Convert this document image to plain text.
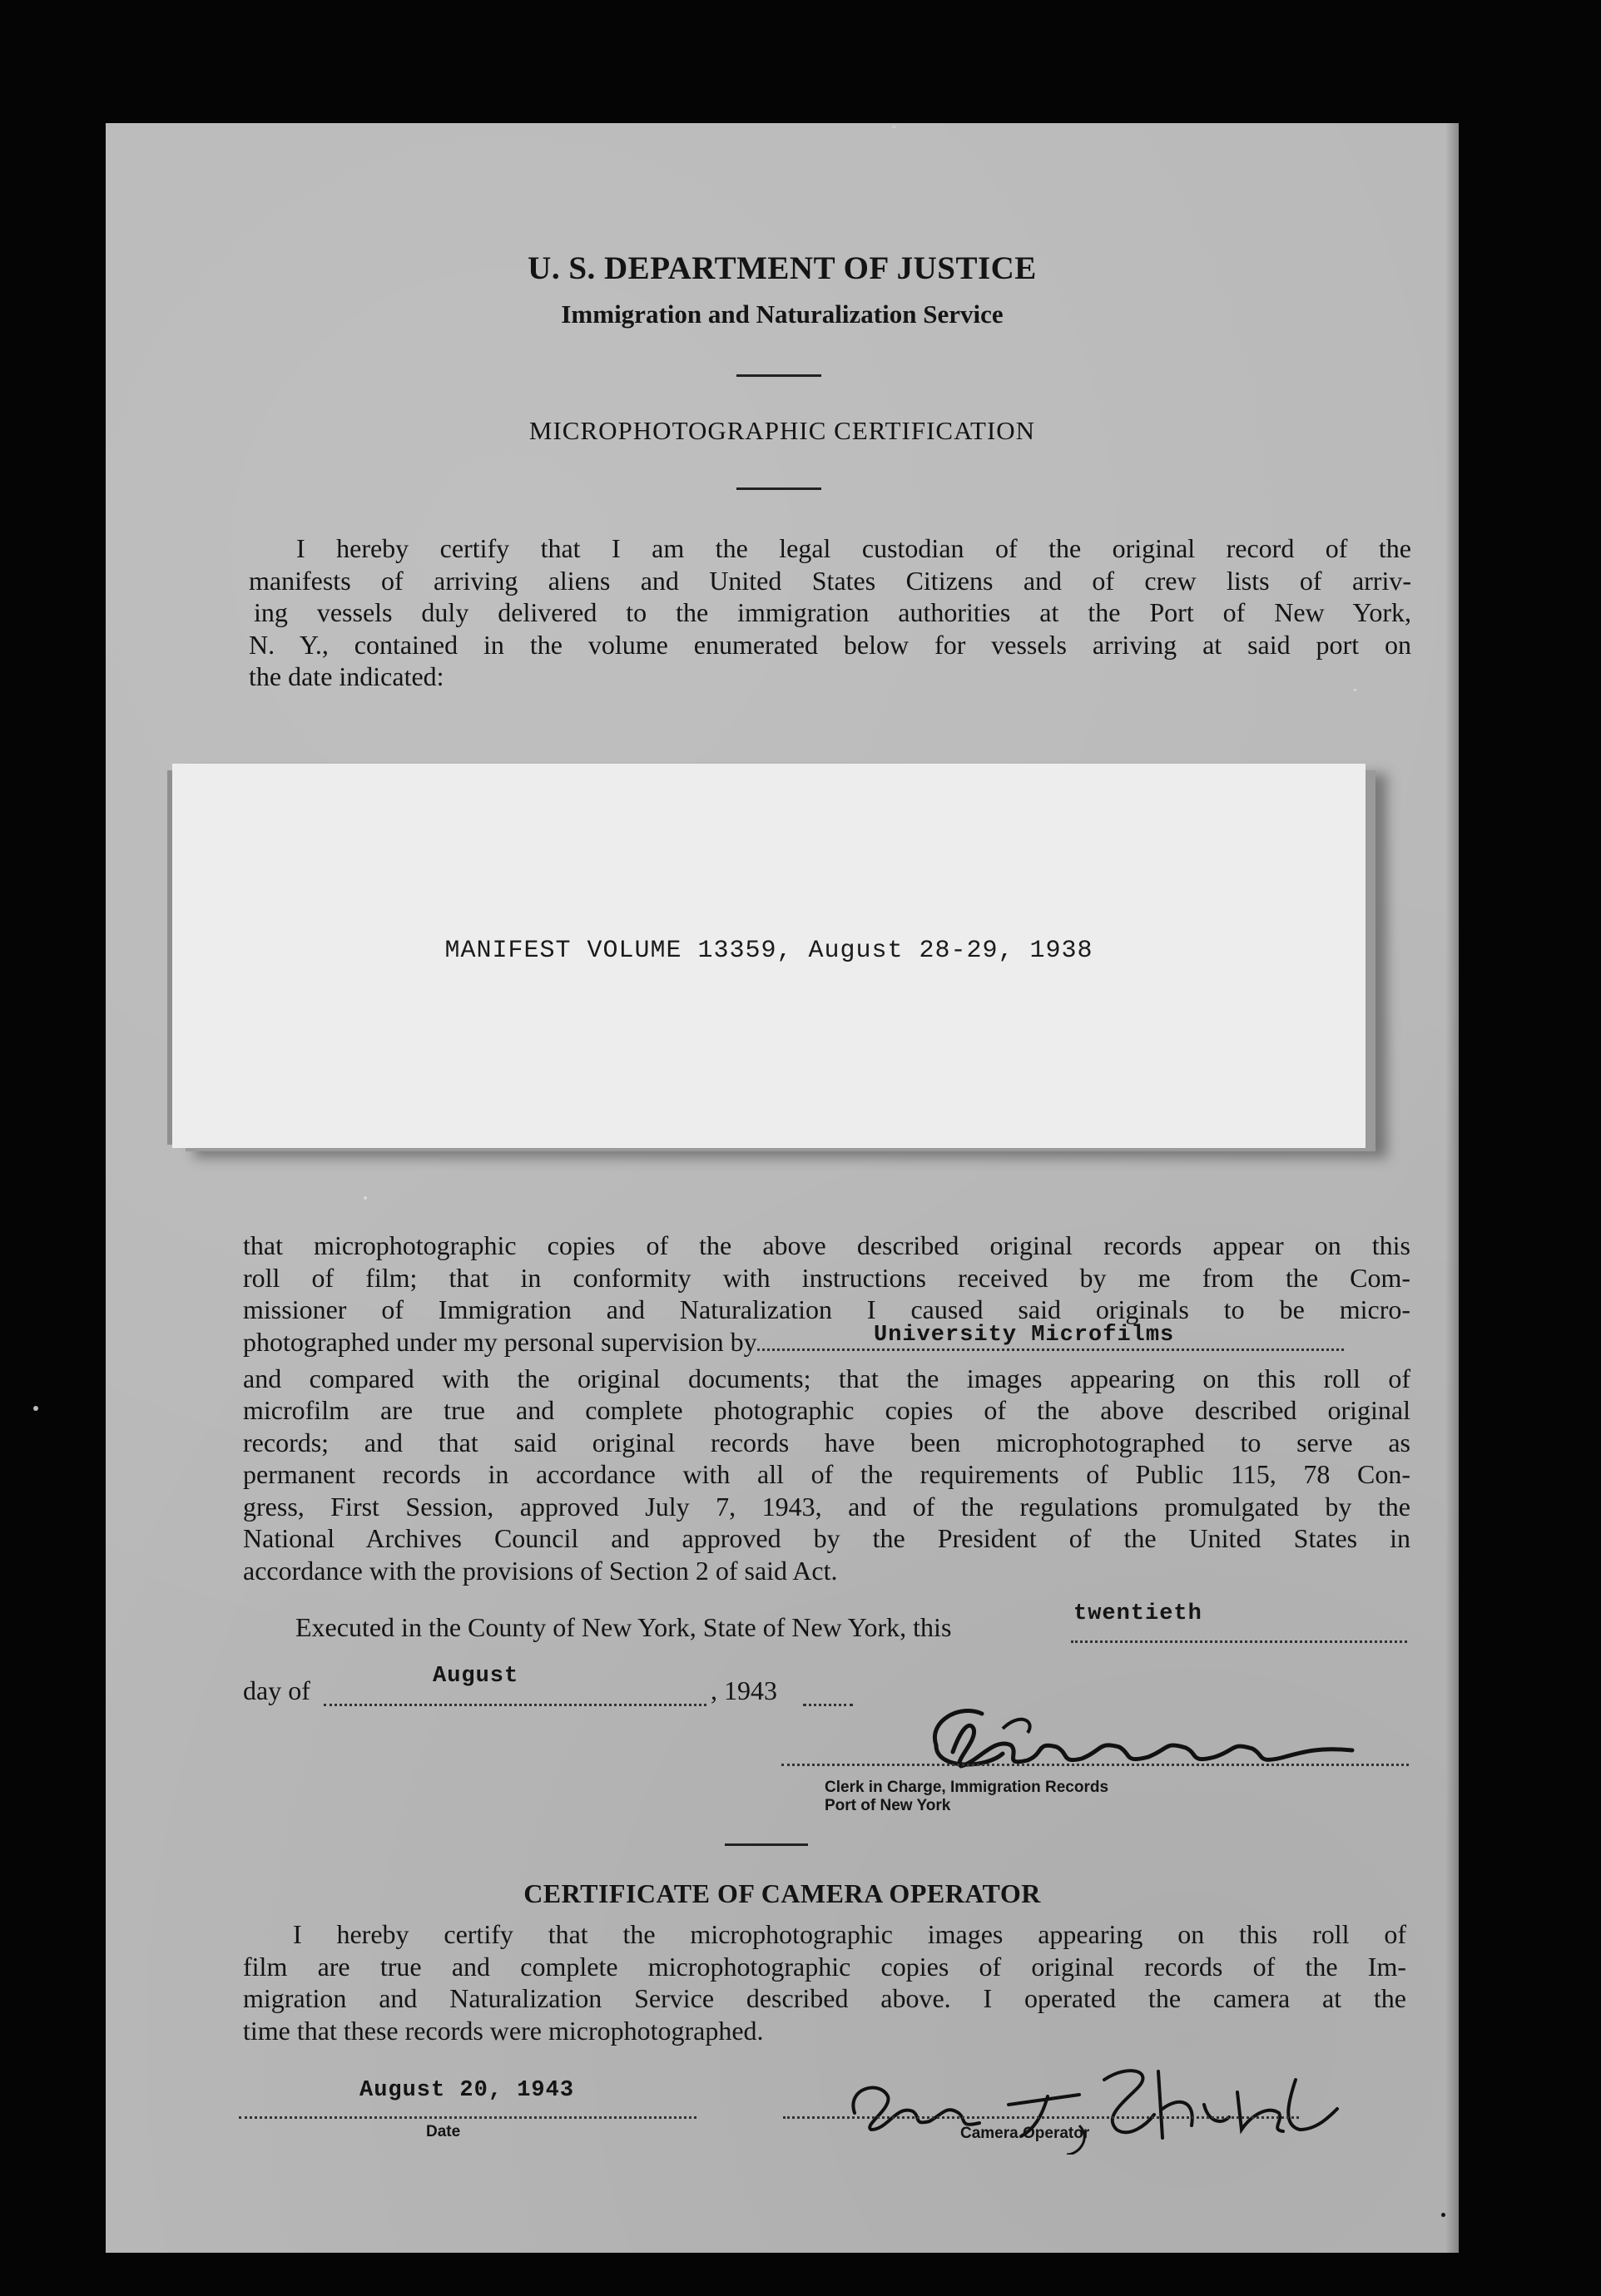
U. S. DEPARTMENT OF JUSTICE
Immigration and Naturalization Service
MICROPHOTOGRAPHIC CERTIFICATION
I hereby certify that I am the legal custodian of the original record of the
manifests of arriving aliens and United States Citizens and of crew lists of arriv-
ing vessels duly delivered to the immigration authorities at the Port of New York,
N. Y., contained in the volume enumerated below for vessels arriving at said port on
the date indicated:
MANIFEST VOLUME 13359, August 28-29, 1938
that microphotographic copies of the above described original records appear on this
roll of film; that in conformity with instructions received by me from the Com-
missioner of Immigration and Naturalization I caused said originals to be micro-
photographed under my personal supervision by	University Microfilms
and compared with the original documents; that the images appearing on this roll of
microfilm are true and complete photographic copies of the above described original
records; and that said original records have been microphotographed to serve as
permanent records in accordance with all of the requirements of Public 115, 78 Con-
gress, First Session, approved July 7, 1943, and of the regulations promulgated by the
National Archives Council and approved by the President of the United States in
accordance with the provisions of Section 2 of said Act.
Executed in the County of New York, State of New York, this	twentieth
day of	August	, 1943
Clerk in Charge, Immigration Records
Port of New York
CERTIFICATE OF CAMERA OPERATOR
I hereby certify that the microphotographic images appearing on this roll of
film are true and complete microphotographic copies of original records of the Im-
migration and Naturalization Service described above. I operated the camera at the
time that these records were microphotographed.
August 20, 1943
Date	Camera Operator
